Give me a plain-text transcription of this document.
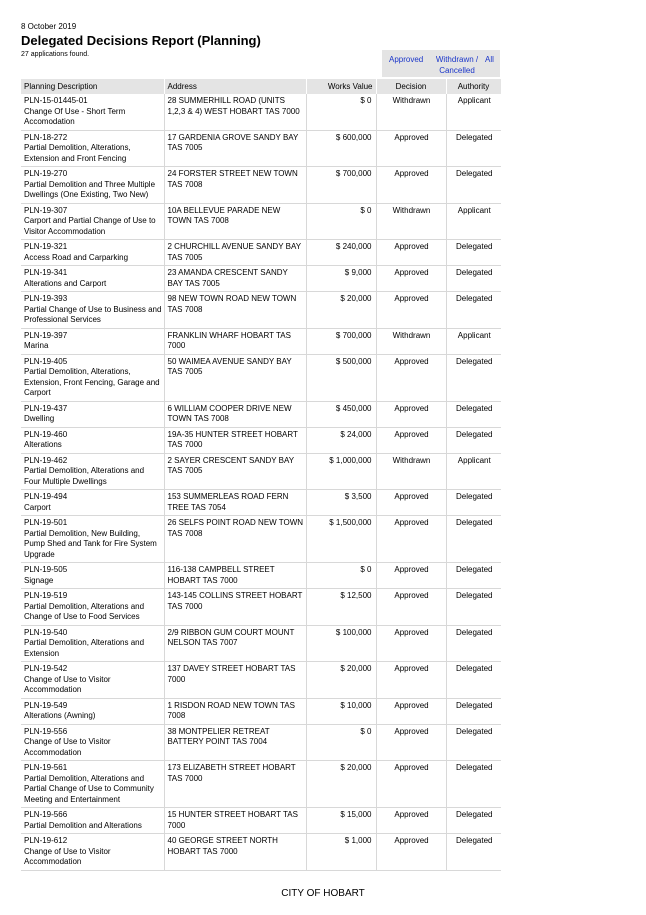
8 October 2019
Delegated Decisions Report (Planning)
27 applications found.
Approved Withdrawn / Cancelled
All
Planning Description	Address	Works Value	Decision	Authority

PLN-15-01445-01
Change Of Use - Short Term Accomodation	28 SUMMERHILL ROAD (UNITS 1,2,3 & 4) WEST HOBART TAS 7000	$ 0	Withdrawn	Applicant

PLN-18-272
Partial Demolition, Alterations, Extension and Front Fencing	17 GARDENIA GROVE SANDY BAY TAS 7005	$ 600,000	Approved	Delegated

PLN-19-270
Partial Demolition and Three Multiple Dwellings (One Existing, Two New)	24 FORSTER STREET NEW TOWN TAS 7008	$ 700,000	Approved	Delegated

PLN-19-307
Carport and Partial Change of Use to Visitor Accommodation	10A BELLEVUE PARADE NEW TOWN TAS 7008	$ 0	Withdrawn	Applicant

PLN-19-321
Access Road and Carparking	2 CHURCHILL AVENUE SANDY BAY TAS 7005	$ 240,000	Approved	Delegated

PLN-19-341
Alterations and Carport	23 AMANDA CRESCENT SANDY BAY TAS 7005	$ 9,000	Approved	Delegated

PLN-19-393
Partial Change of Use to Business and Professional Services	98 NEW TOWN ROAD NEW TOWN TAS 7008	$ 20,000	Approved	Delegated

PLN-19-397
Marina	FRANKLIN WHARF HOBART TAS 7000	$ 700,000	Withdrawn	Applicant

PLN-19-405
Partial Demolition, Alterations, Extension, Front Fencing, Garage and Carport	50 WAIMEA AVENUE SANDY BAY TAS 7005	$ 500,000	Approved	Delegated

PLN-19-437
Dwelling	6 WILLIAM COOPER DRIVE NEW TOWN TAS 7008	$ 450,000	Approved	Delegated

PLN-19-460
Alterations	19A-35 HUNTER STREET HOBART TAS 7000	$ 24,000	Approved	Delegated

PLN-19-462
Partial Demolition, Alterations and Four Multiple Dwellings	2 SAYER CRESCENT SANDY BAY TAS 7005	$ 1,000,000	Withdrawn	Applicant

PLN-19-494
Carport	153 SUMMERLEAS ROAD FERN TREE TAS 7054	$ 3,500	Approved	Delegated

PLN-19-501
Partial Demolition, New Building, Pump Shed and Tank for Fire System Upgrade	26 SELFS POINT ROAD NEW TOWN TAS 7008	$ 1,500,000	Approved	Delegated

PLN-19-505
Signage	116-138 CAMPBELL STREET HOBART TAS 7000	$ 0	Approved	Delegated

PLN-19-519
Partial Demolition, Alterations and Change of Use to Food Services	143-145 COLLINS STREET HOBART TAS 7000	$ 12,500	Approved	Delegated

PLN-19-540
Partial Demolition, Alterations and Extension	2/9 RIBBON GUM COURT MOUNT NELSON TAS 7007	$ 100,000	Approved	Delegated

PLN-19-542
Change of Use to Visitor Accommodation	137 DAVEY STREET HOBART TAS 7000	$ 20,000	Approved	Delegated

PLN-19-549
Alterations (Awning)	1 RISDON ROAD NEW TOWN TAS 7008	$ 10,000	Approved	Delegated

PLN-19-556
Change of Use to Visitor Accommodation	38 MONTPELIER RETREAT BATTERY POINT TAS 7004	$ 0	Approved	Delegated

PLN-19-561
Partial Demolition, Alterations and Partial Change of Use to Community Meeting and Entertainment	173 ELIZABETH STREET HOBART TAS 7000	$ 20,000	Approved	Delegated

PLN-19-566
Partial Demolition and Alterations	15 HUNTER STREET HOBART TAS 7000	$ 15,000	Approved	Delegated

PLN-19-612
Change of Use to Visitor Accommodation	40 GEORGE STREET NORTH HOBART TAS 7000	$ 1,000	Approved	Delegated
CITY OF HOBART
